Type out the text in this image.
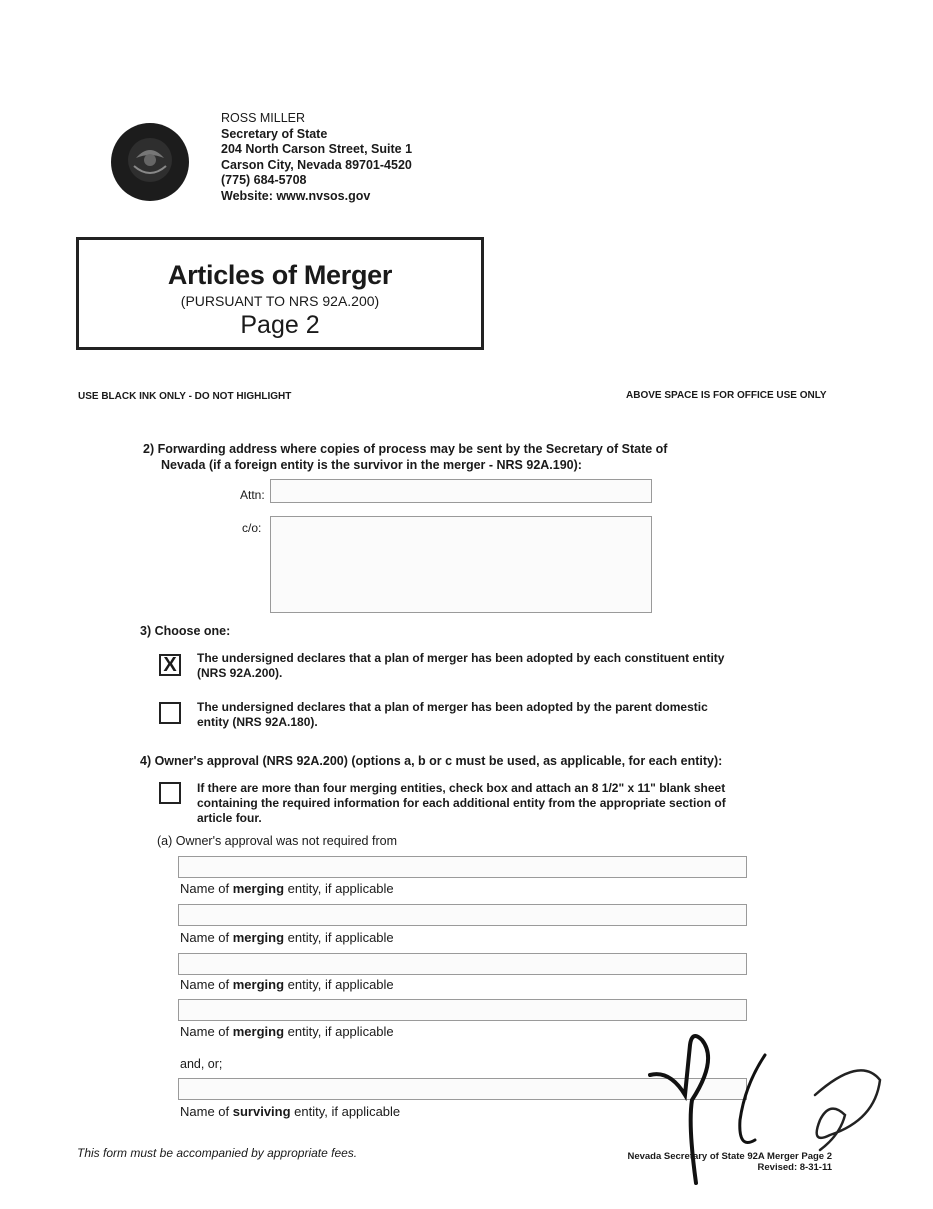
ROSS MILLER
Secretary of State
204 North Carson Street, Suite 1
Carson City, Nevada 89701-4520
(775) 684-5708
Website: www.nvsos.gov
Articles of Merger
(PURSUANT TO NRS 92A.200)
Page 2
USE BLACK INK ONLY - DO NOT HIGHLIGHT	ABOVE SPACE IS FOR OFFICE USE ONLY
2) Forwarding address where copies of process may be sent by the Secretary of State of
Nevada (if a foreign entity is the survivor in the merger - NRS 92A.190):
Attn:
c/o:
3) Choose one:
X	The undersigned declares that a plan of merger has been adopted by each constituent entity
(NRS 92A.200).
The undersigned declares that a plan of merger has been adopted by the parent domestic
entity (NRS 92A.180).
4) Owner's approval (NRS 92A.200) (options a, b or c must be used, as applicable, for each entity):
If there are more than four merging entities, check box and attach an 8 1/2" x 11" blank sheet
containing the required information for each additional entity from the appropriate section of
article four.
(a) Owner's approval was not required from
Name of merging entity, if applicable
Name of merging entity, if applicable
Name of merging entity, if applicable
Name of merging entity, if applicable
and, or;
Name of surviving entity, if applicable
This form must be accompanied by appropriate fees.	Nevada Secretary of State 92A Merger Page 2
Revised: 8-31-11
